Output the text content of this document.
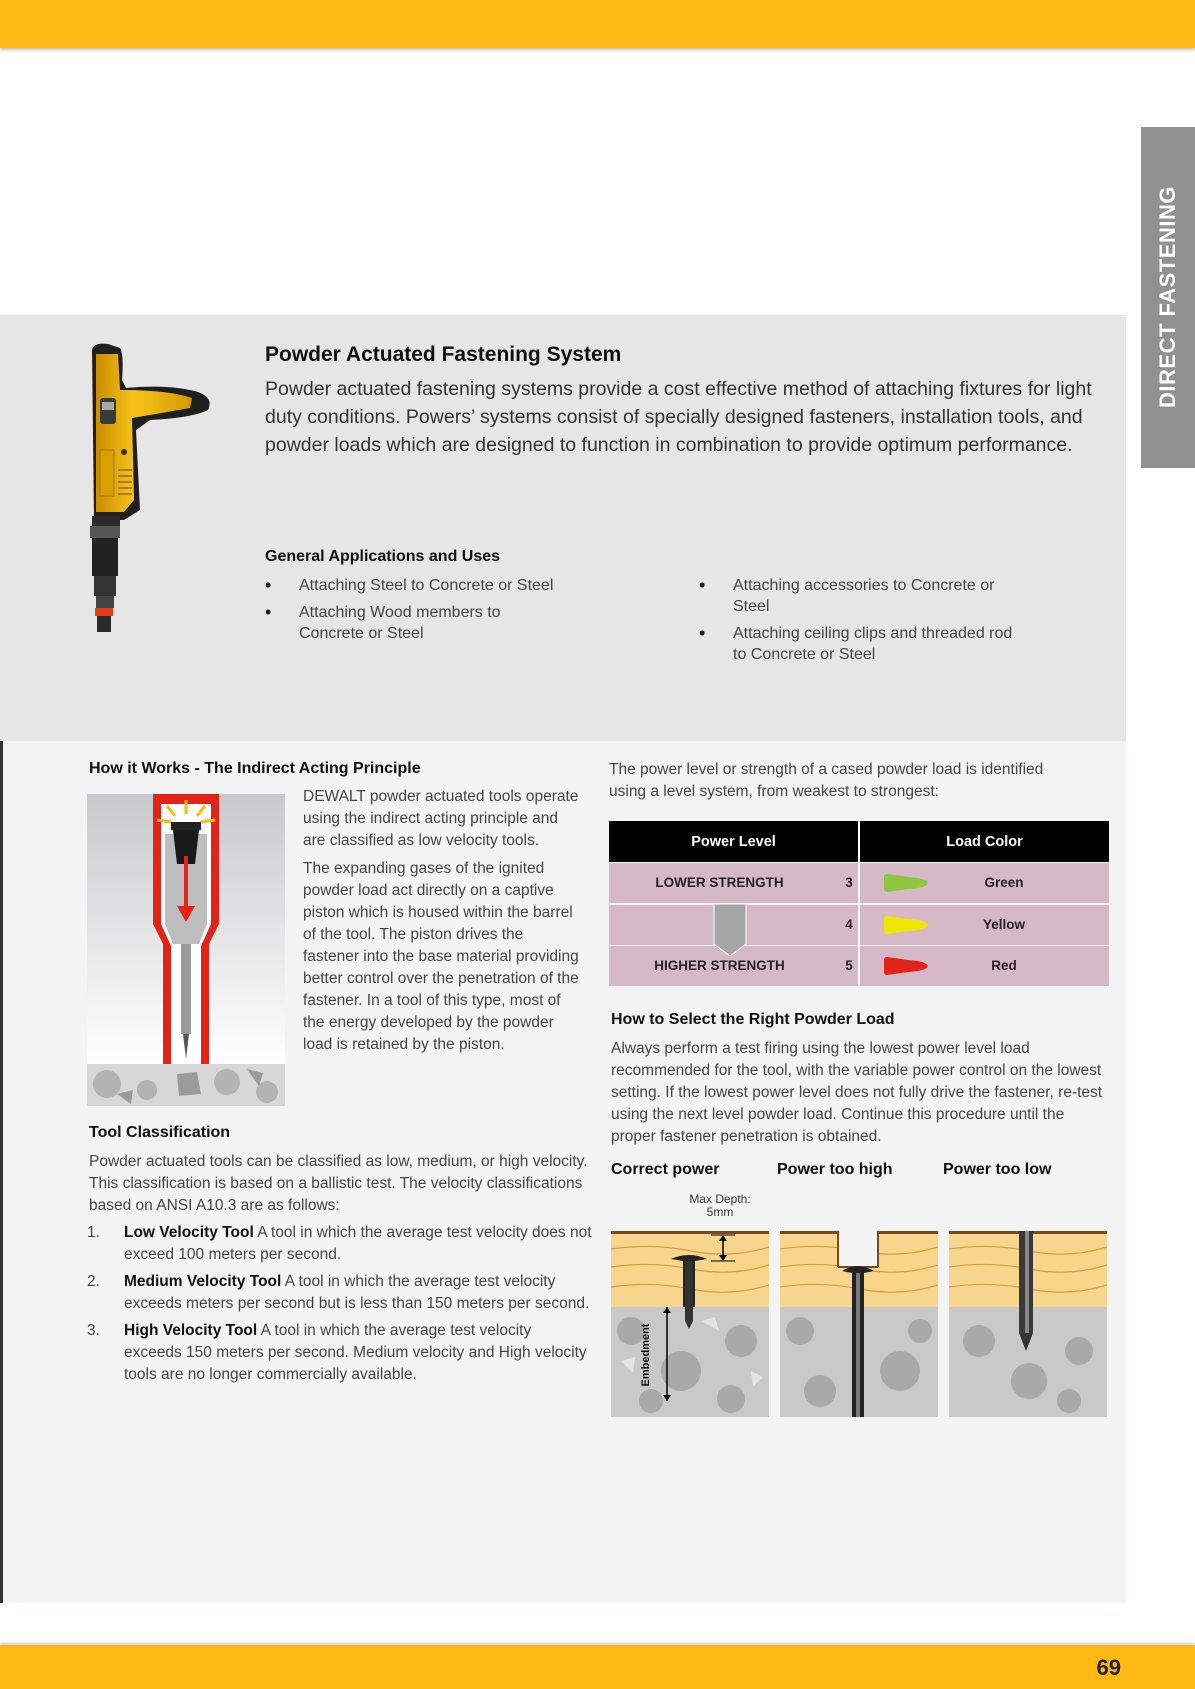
DIRECT FASTENING
Powder Actuated Fastening System
Powder actuated fastening systems provide a cost effective method of attaching fixtures for light duty conditions. Powers’ systems consist of specially designed fasteners, installation tools, and powder loads which are designed to function in combination to provide optimum performance.
General Applications and Uses
• Attaching Steel to Concrete or Steel
• Attaching Wood members to Concrete or Steel
• Attaching accessories to Concrete or Steel
• Attaching ceiling clips and threaded rod to Concrete or Steel
How it Works - The Indirect Acting Principle
DEWALT powder actuated tools operate using the indirect acting principle and are classified as low velocity tools.
The expanding gases of the ignited powder load act directly on a captive piston which is housed within the barrel of the tool. The piston drives the fastener into the base material providing better control over the penetration of the fastener. In a tool of this type, most of the energy developed by the powder load is retained by the piston.
Tool Classification
Powder actuated tools can be classified as low, medium, or high velocity. This classification is based on a ballistic test. The velocity classifications based on ANSI A10.3 are as follows:
1. Low Velocity Tool A tool in which the average test velocity does not exceed 100 meters per second.
2. Medium Velocity Tool A tool in which the average test velocity exceeds meters per second but is less than 150 meters per second.
3. High Velocity Tool A tool in which the average test velocity exceeds 150 meters per second. Medium velocity and High velocity tools are no longer commercially available.
The power level or strength of a cased powder load is identified using a level system, from weakest to strongest:
Power Level	Load Color
LOWER STRENGTH	3	Green
4	Yellow
HIGHER STRENGTH	5	Red
How to Select the Right Powder Load
Always perform a test firing using the lowest power level load recommended for the tool, with the variable power control on the lowest setting. If the lowest power level does not fully drive the fastener, re-test using the next level powder load. Continue this procedure until the proper fastener penetration is obtained.
Correct power	Power too high	Power too low
Max Depth:
5mm
Embedment
69
